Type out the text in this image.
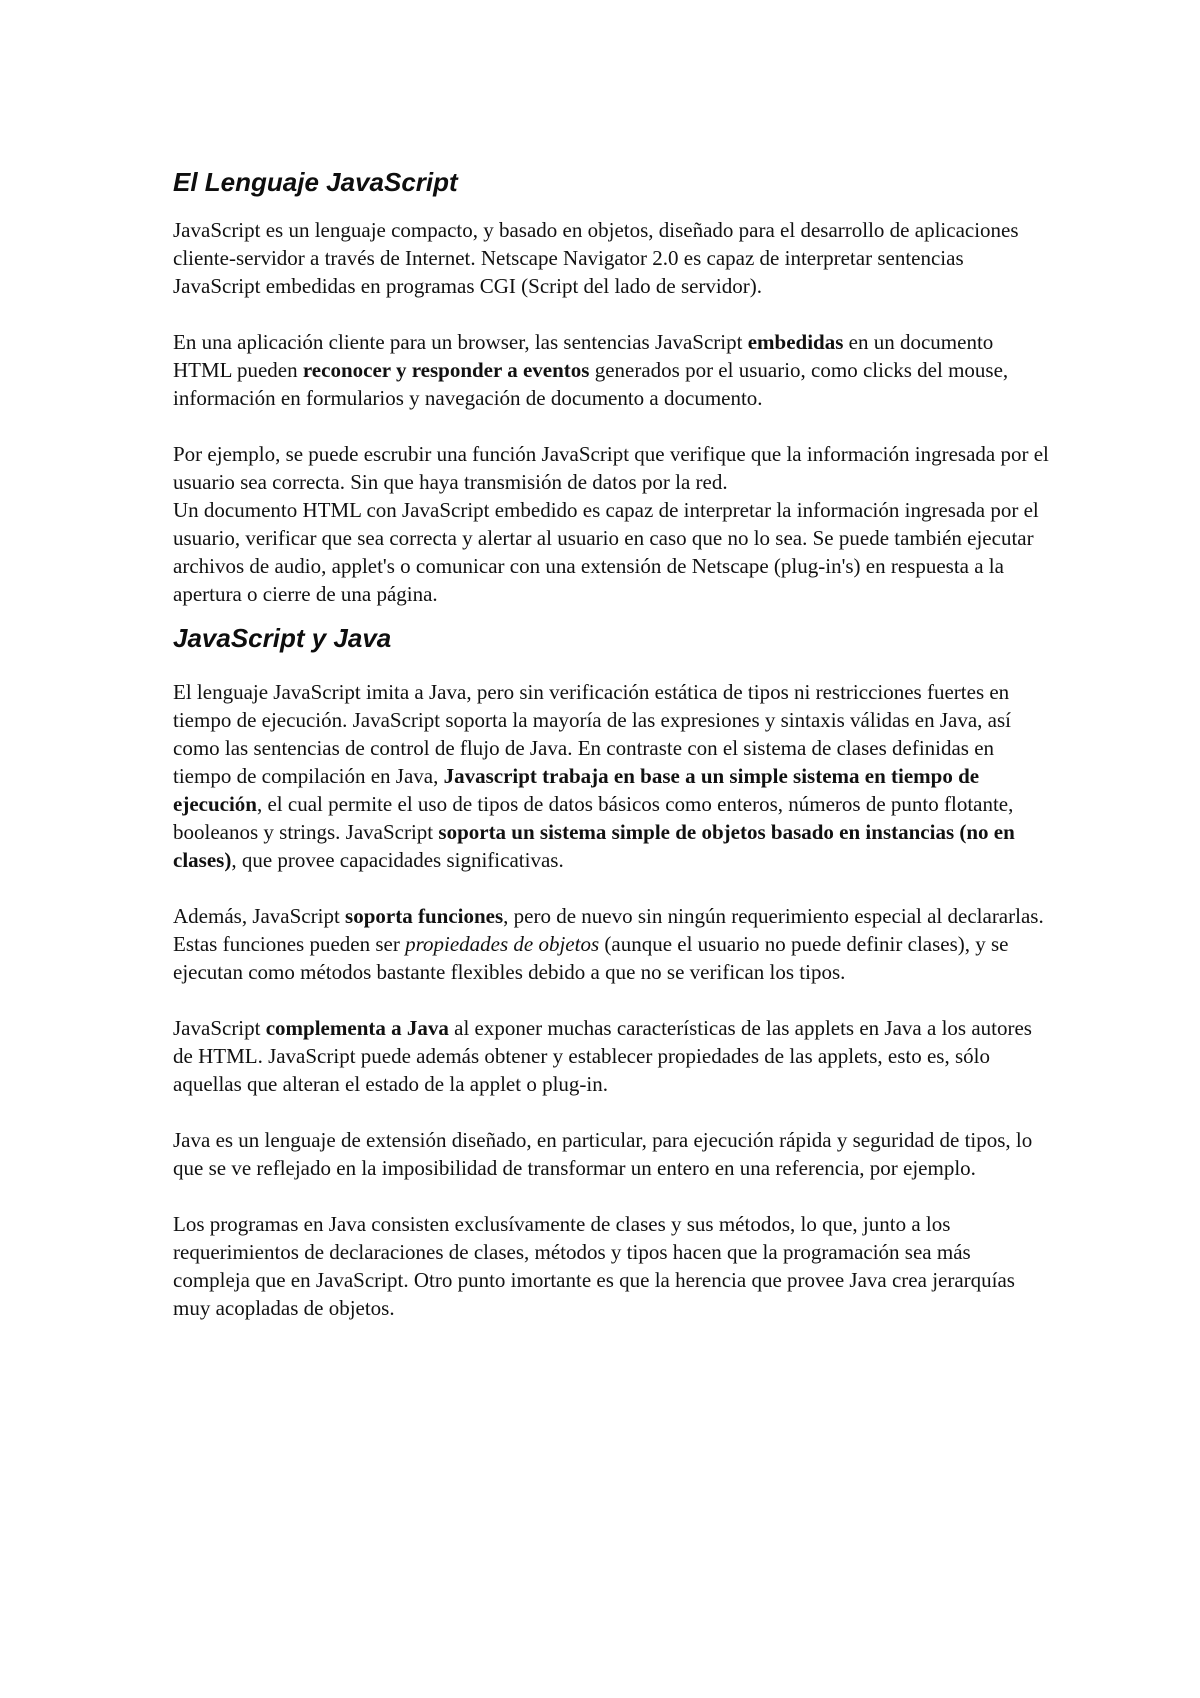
El Lenguaje JavaScript

JavaScript es un lenguaje compacto, y basado en objetos, diseñado para el desarrollo de aplicaciones cliente-servidor a través de Internet. Netscape Navigator 2.0 es capaz de interpretar sentencias JavaScript embedidas en programas CGI (Script del lado de servidor).

En una aplicación cliente para un browser, las sentencias JavaScript embedidas en un documento HTML pueden reconocer y responder a eventos generados por el usuario, como clicks del mouse, información en formularios y navegación de documento a documento.

Por ejemplo, se puede escrubir una función JavaScript que verifique que la información ingresada por el usuario sea correcta. Sin que haya transmisión de datos por la red.

Un documento HTML con JavaScript embedido es capaz de interpretar la información ingresada por el usuario, verificar que sea correcta y alertar al usuario en caso que no lo sea. Se puede también ejecutar archivos de audio, applet's o comunicar con una extensión de Netscape (plug-in's) en respuesta a la apertura o cierre de una página.

JavaScript y Java

El lenguaje JavaScript imita a Java, pero sin verificación estática de tipos ni restricciones fuertes en tiempo de ejecución. JavaScript soporta la mayoría de las expresiones y sintaxis válidas en Java, así como las sentencias de control de flujo de Java. En contraste con el sistema de clases definidas en tiempo de compilación en Java, Javascript trabaja en base a un simple sistema en tiempo de ejecución, el cual permite el uso de tipos de datos básicos como enteros, números de punto flotante, booleanos y strings. JavaScript soporta un sistema simple de objetos basado en instancias (no en clases), que provee capacidades significativas.

Además, JavaScript soporta funciones, pero de nuevo sin ningún requerimiento especial al declararlas. Estas funciones pueden ser propiedades de objetos (aunque el usuario no puede definir clases), y se ejecutan como métodos bastante flexibles debido a que no se verifican los tipos.

JavaScript complementa a Java al exponer muchas características de las applets en Java a los autores de HTML. JavaScript puede además obtener y establecer propiedades de las applets, esto es, sólo aquellas que alteran el estado de la applet o plug-in.

Java es un lenguaje de extensión diseñado, en particular, para ejecución rápida y seguridad de tipos, lo que se ve reflejado en la imposibilidad de transformar un entero en una referencia, por ejemplo.

Los programas en Java consisten exclusívamente de clases y sus métodos, lo que, junto a los requerimientos de declaraciones de clases, métodos y tipos hacen que la programación sea más compleja que en JavaScript. Otro punto imortante es que la herencia que provee Java crea jerarquías muy acopladas de objetos.
